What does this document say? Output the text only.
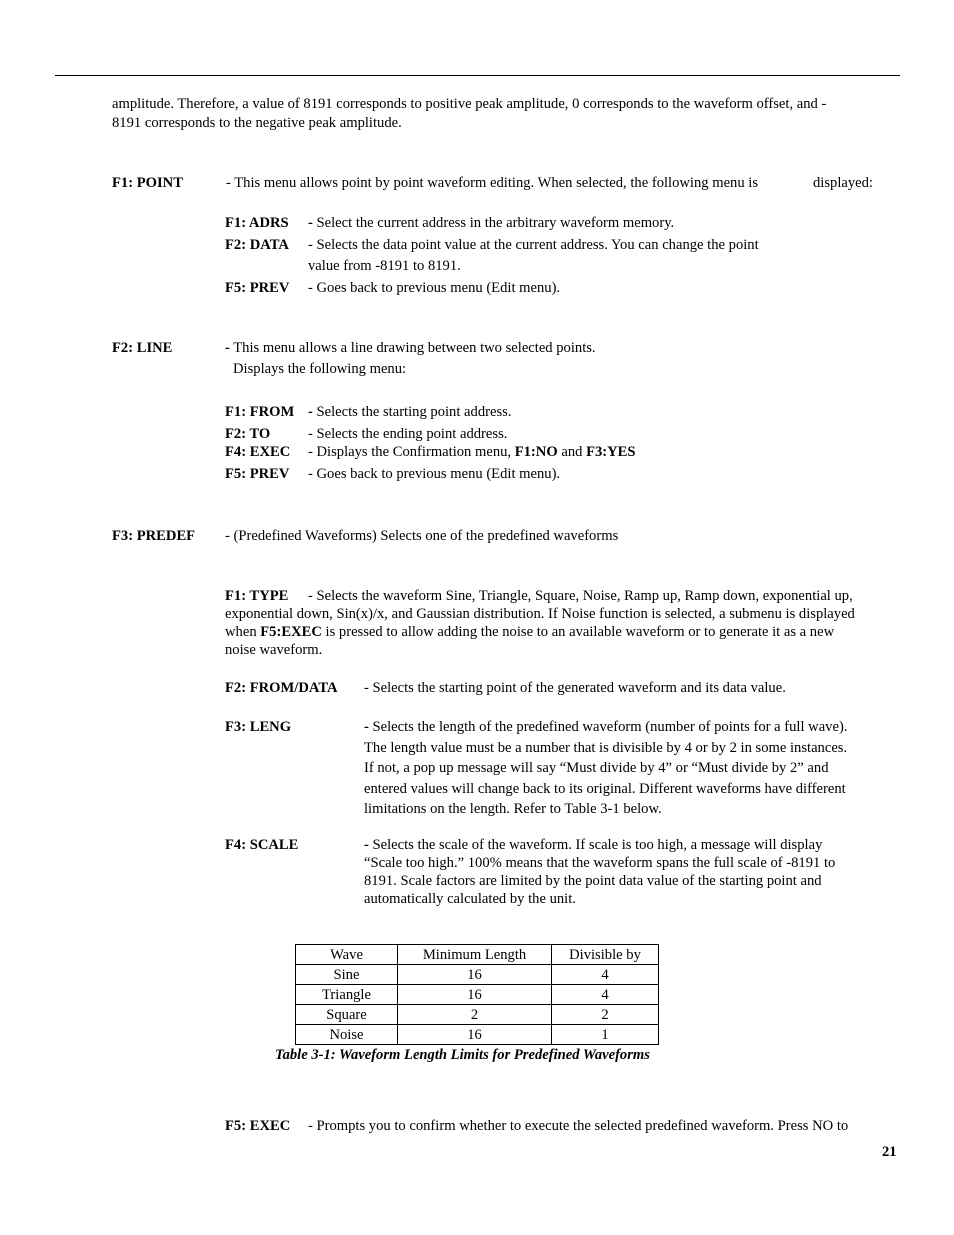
amplitude. Therefore, a value of 8191 corresponds to positive peak amplitude, 0 corresponds to the waveform offset, and -
8191 corresponds to the negative peak amplitude.
F1: POINT	- This menu allows point by point waveform editing. When selected, the following menu is	displayed:
F1: ADRS - Select the current address in the arbitrary waveform memory.
F2: DATA - Selects the data point value at the current address. You can change the point
value from -8191 to 8191.
F5: PREV - Goes back to previous menu (Edit menu).
F2: LINE	- This menu allows a line drawing between two selected points.
Displays the following menu:
F1: FROM - Selects the starting point address.
F2: TO	- Selects the ending point address.
F4: EXEC - Displays the Confirmation menu, F1:NO and F3:YES
F5: PREV - Goes back to previous menu (Edit menu).
F3: PREDEF - (Predefined Waveforms) Selects one of the predefined waveforms
F1: TYPE - Selects the waveform Sine, Triangle, Square, Noise, Ramp up, Ramp down, exponential up,
exponential down, Sin(x)/x, and Gaussian distribution. If Noise function is selected, a submenu is displayed
when F5:EXEC is pressed to allow adding the noise to an available waveform or to generate it as a new
noise waveform.
F2: FROM/DATA - Selects the starting point of the generated waveform and its data value.
F3: LENG	- Selects the length of the predefined waveform (number of points for a full wave).
The length value must be a number that is divisible by 4 or by 2 in some instances.
If not, a pop up message will say “Must divide by 4” or “Must divide by 2” and
entered values will change back to its original. Different waveforms have different
limitations on the length. Refer to Table 3-1 below.
F4: SCALE	- Selects the scale of the waveform. If scale is too high, a message will display
“Scale too high.” 100% means that the waveform spans the full scale of -8191 to
8191. Scale factors are limited by the point data value of the starting point and
automatically calculated by the unit.
Wave	Minimum Length	Divisible by
Sine	16	4
Triangle	16	4
Square	2	2
Noise	16	1
Table 3-1: Waveform Length Limits for Predefined Waveforms
F5: EXEC - Prompts you to confirm whether to execute the selected predefined waveform. Press NO to
21
